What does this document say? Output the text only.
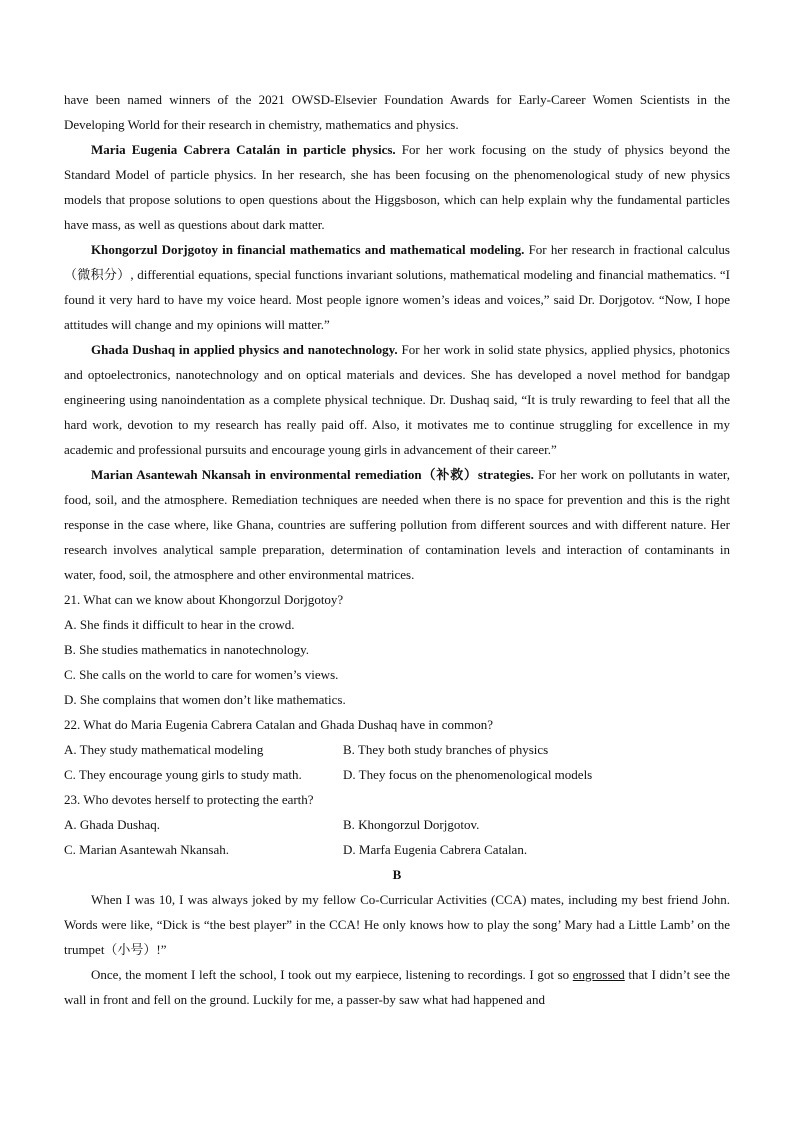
have been named winners of the 2021 OWSD-Elsevier Foundation Awards for Early-Career Women Scientists in the Developing World for their research in chemistry, mathematics and physics.

Maria Eugenia Cabrera Catalán in particle physics. For her work focusing on the study of physics beyond the Standard Model of particle physics. In her research, she has been focusing on the phenomenological study of new physics models that propose solutions to open questions about the Higgsboson, which can help explain why the fundamental particles have mass, as well as questions about dark matter.

Khongorzul Dorjgotoy in financial mathematics and mathematical modeling. For her research in fractional calculus（微积分）, differential equations, special functions invariant solutions, mathematical modeling and financial mathematics. “I found it very hard to have my voice heard. Most people ignore women’s ideas and voices,” said Dr. Dorjgotov. “Now, I hope attitudes will change and my opinions will matter.”

Ghada Dushaq in applied physics and nanotechnology. For her work in solid state physics, applied physics, photonics and optoelectronics, nanotechnology and on optical materials and devices. She has developed a novel method for bandgap engineering using nanoindentation as a complete physical technique. Dr. Dushaq said, “It is truly rewarding to feel that all the hard work, devotion to my research has really paid off. Also, it motivates me to continue struggling for excellence in my academic and professional pursuits and encourage young girls in advancement of their career.”

Marian Asantewah Nkansah in environmental remediation（补救）strategies. For her work on pollutants in water, food, soil, and the atmosphere. Remediation techniques are needed when there is no space for prevention and this is the right response in the case where, like Ghana, countries are suffering pollution from different sources and with different nature. Her research involves analytical sample preparation, determination of contamination levels and interaction of contaminants in water, food, soil, the atmosphere and other environmental matrices.

21. What can we know about Khongorzul Dorjgotoy?

A. She finds it difficult to hear in the crowd.

B. She studies mathematics in nanotechnology.

C. She calls on the world to care for women’s views.

D. She complains that women don’t like mathematics.

22. What do Maria Eugenia Cabrera Catalan and Ghada Dushaq have in common?

A. They study mathematical modeling	B. They both study branches of physics
C. They encourage young girls to study math.	D. They focus on the phenomenological models

23. Who devotes herself to protecting the earth?

A. Ghada Dushaq.	B. Khongorzul Dorjgotov.
C. Marian Asantewah Nkansah.	D. Marfa Eugenia Cabrera Catalan.

B

When I was 10, I was always joked by my fellow Co-Curricular Activities (CCA) mates, including my best friend John. Words were like, “Dick is “the best player” in the CCA! He only knows how to play the song’ Mary had a Little Lamb’ on the trumpet（小号）!”

Once, the moment I left the school, I took out my earpiece, listening to recordings. I got so engrossed that I didn’t see the wall in front and fell on the ground. Luckily for me, a passer-by saw what had happened and
